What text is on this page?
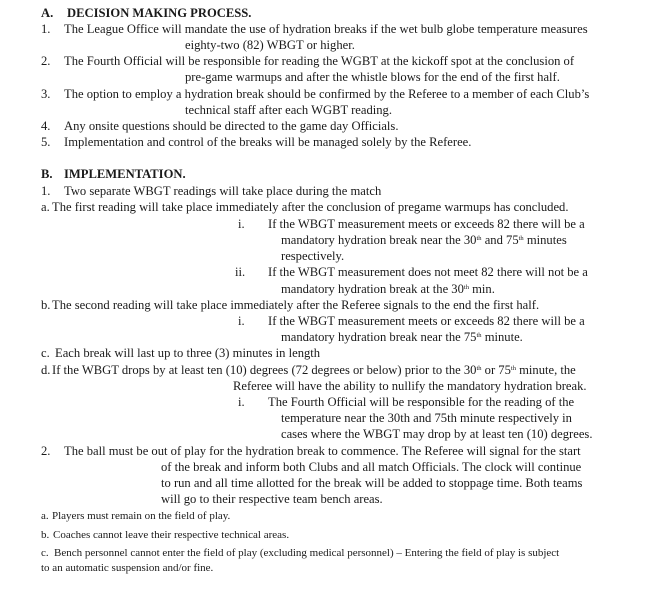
A. DECISION MAKING PROCESS.
1. The League Office will mandate the use of hydration breaks if the wet bulb globe temperature measures
eighty-two (82) WBGT or higher.
2. The Fourth Official will be responsible for reading the WGBT at the kickoff spot at the conclusion of
pre-game warmups and after the whistle blows for the end of the first half.
3. The option to employ a hydration break should be confirmed by the Referee to a member of each Club’s
technical staff after each WGBT reading.
4. Any onsite questions should be directed to the game day Officials.
5. Implementation and control of the breaks will be managed solely by the Referee.
B. IMPLEMENTATION.
1. Two separate WBGT readings will take place during the match
a. The first reading will take place immediately after the conclusion of pregame warmups has concluded.
i. If the WBGT measurement meets or exceeds 82 there will be a
mandatory hydration break near the 30th and 75th minutes
respectively.
ii. If the WBGT measurement does not meet 82 there will not be a
mandatory hydration break at the 30th min.
b. The second reading will take place immediately after the Referee signals to the end the first half.
i. If the WBGT measurement meets or exceeds 82 there will be a
mandatory hydration break near the 75th minute.
c. Each break will last up to three (3) minutes in length
d. If the WBGT drops by at least ten (10) degrees (72 degrees or below) prior to the 30th or 75th minute, the
Referee will have the ability to nullify the mandatory hydration break.
i. The Fourth Official will be responsible for the reading of the
temperature near the 30th and 75th minute respectively in
cases where the WBGT may drop by at least ten (10) degrees.
2. The ball must be out of play for the hydration break to commence. The Referee will signal for the start
of the break and inform both Clubs and all match Officials. The clock will continue
to run and all time allotted for the break will be added to stoppage time. Both teams
will go to their respective team bench areas.
a. Players must remain on the field of play.
b. Coaches cannot leave their respective technical areas.
c. Bench personnel cannot enter the field of play (excluding medical personnel) – Entering the field of play is subject
to an automatic suspension and/or fine.
